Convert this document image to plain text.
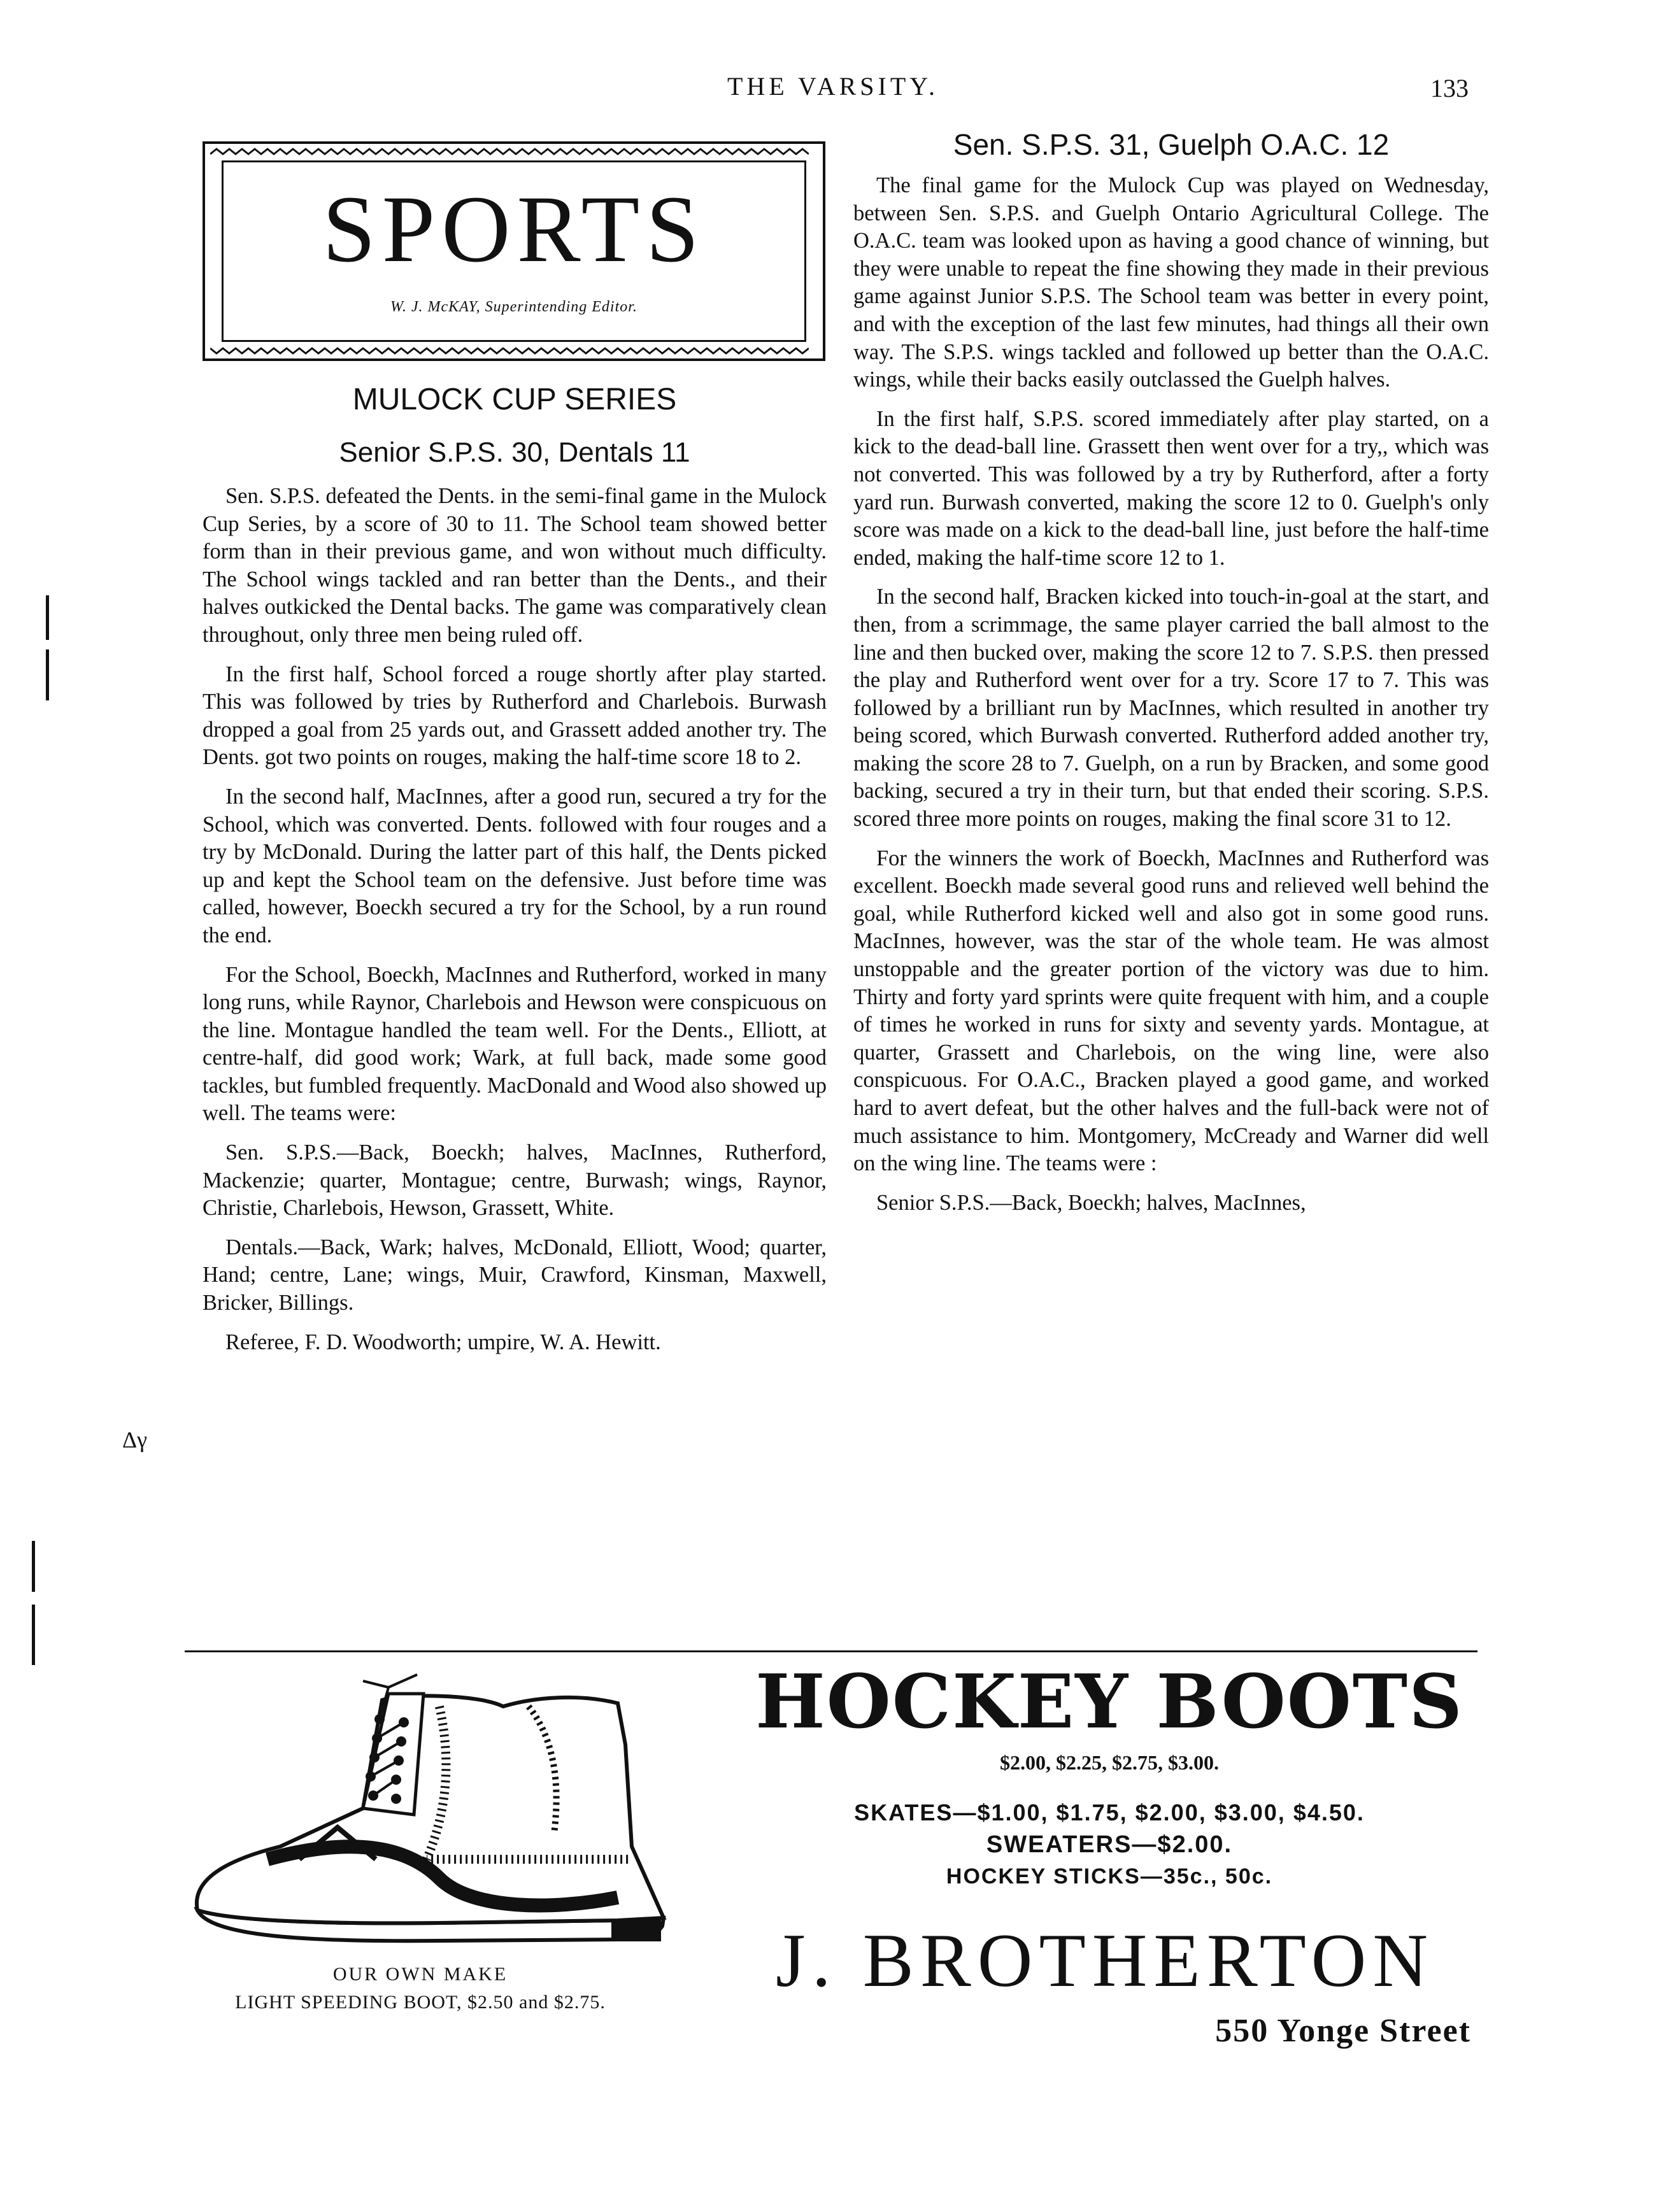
THE VARSITY.	133
Δγ
SPORTS
W. J. McKAY, Superintending Editor.
MULOCK CUP SERIES
Senior S.P.S. 30, Dentals 11

Sen. S.P.S. defeated the Dents. in the semi-final game in the Mulock Cup Series, by a score of 30 to 11. The School team showed better form than in their previous game, and won without much difficulty. The School wings tackled and ran better than the Dents., and their halves outkicked the Dental backs. The game was comparatively clean throughout, only three men being ruled off.

In the first half, School forced a rouge shortly after play started. This was followed by tries by Rutherford and Charlebois. Burwash dropped a goal from 25 yards out, and Grassett added another try. The Dents. got two points on rouges, making the half-time score 18 to 2.

In the second half, MacInnes, after a good run, secured a try for the School, which was converted. Dents. followed with four rouges and a try by McDonald. During the latter part of this half, the Dents picked up and kept the School team on the defensive. Just before time was called, however, Boeckh secured a try for the School, by a run round the end.

For the School, Boeckh, MacInnes and Rutherford, worked in many long runs, while Raynor, Charlebois and Hewson were conspicuous on the line. Montague handled the team well. For the Dents., Elliott, at centre-half, did good work; Wark, at full back, made some good tackles, but fumbled frequently. MacDonald and Wood also showed up well. The teams were:

Sen. S.P.S.—Back, Boeckh; halves, MacInnes, Rutherford, Mackenzie; quarter, Montague; centre, Burwash; wings, Raynor, Christie, Charlebois, Hewson, Grassett, White.

Dentals.—Back, Wark; halves, McDonald, Elliott, Wood; quarter, Hand; centre, Lane; wings, Muir, Crawford, Kinsman, Maxwell, Bricker, Billings.

Referee, F. D. Woodworth; umpire, W. A. Hewitt.

Sen. S.P.S. 31, Guelph O.A.C. 12

The final game for the Mulock Cup was played on Wednesday, between Sen. S.P.S. and Guelph Ontario Agricultural College. The O.A.C. team was looked upon as having a good chance of winning, but they were unable to repeat the fine showing they made in their previous game against Junior S.P.S. The School team was better in every point, and with the exception of the last few minutes, had things all their own way. The S.P.S. wings tackled and followed up better than the O.A.C. wings, while their backs easily outclassed the Guelph halves.

In the first half, S.P.S. scored immediately after play started, on a kick to the dead-ball line. Grassett then went over for a try,, which was not converted. This was followed by a try by Rutherford, after a forty yard run. Burwash converted, making the score 12 to 0. Guelph's only score was made on a kick to the dead-ball line, just before the half-time ended, making the half-time score 12 to 1.

In the second half, Bracken kicked into touch-in-goal at the start, and then, from a scrimmage, the same player carried the ball almost to the line and then bucked over, making the score 12 to 7. S.P.S. then pressed the play and Rutherford went over for a try. Score 17 to 7. This was followed by a brilliant run by MacInnes, which resulted in another try being scored, which Burwash converted. Rutherford added another try, making the score 28 to 7. Guelph, on a run by Bracken, and some good backing, secured a try in their turn, but that ended their scoring. S.P.S. scored three more points on rouges, making the final score 31 to 12.

For the winners the work of Boeckh, MacInnes and Rutherford was excellent. Boeckh made several good runs and relieved well behind the goal, while Rutherford kicked well and also got in some good runs. MacInnes, however, was the star of the whole team. He was almost unstoppable and the greater portion of the victory was due to him. Thirty and forty yard sprints were quite frequent with him, and a couple of times he worked in runs for sixty and seventy yards. Montague, at quarter, Grassett and Charlebois, on the wing line, were also conspicuous. For O.A.C., Bracken played a good game, and worked hard to avert defeat, but the other halves and the full-back were not of much assistance to him. Montgomery, McCready and Warner did well on the wing line. The teams were :

Senior S.P.S.—Back, Boeckh; halves, MacInnes,

OUR OWN MAKE
LIGHT SPEEDING BOOT, $2.50 and $2.75.
HOCKEY BOOTS
$2.00, $2.25, $2.75, $3.00.
SKATES—$1.00, $1.75, $2.00, $3.00, $4.50.
SWEATERS—$2.00.
HOCKEY STICKS—35c., 50c.
J. BROTHERTON
550 Yonge Street
